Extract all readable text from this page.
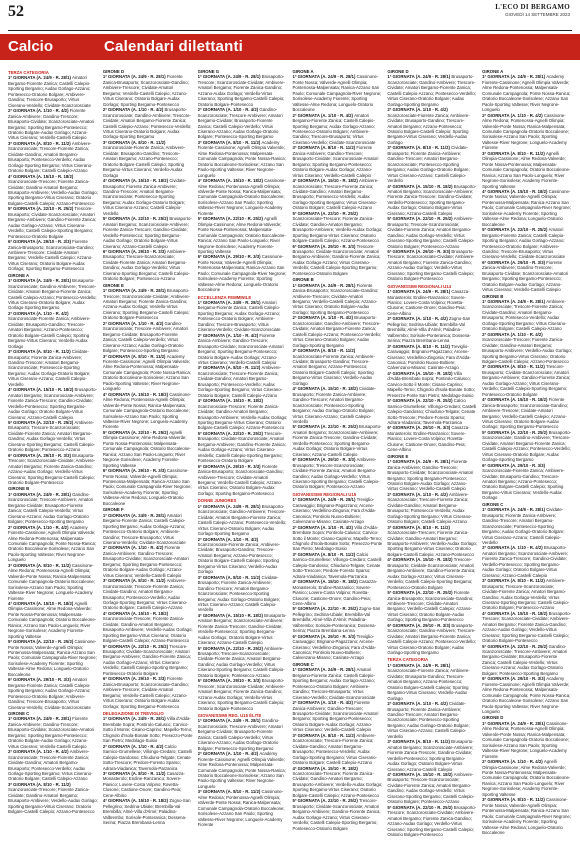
52	L'ECO DI BERGAMO
GIOVEDÌ 14 SETTEMBRE 2023
Calcio	Calendari dilettanti

TERZA CATEGORIA

1ª GIORNATA (A. 24/9 - R. 28/1) Amatori Bergamo-Fiorente Zanica; Castelli Calepio-Sporting Bergamo; Audax Gorlago-Azzano; Pontesecco-Oratorio Bolgare; Ambivere-Gandino; Trescore-Brusaporto; Virtus Ciserano-Verdello; Cividate-Scanzorosciate

2ª GIORNATA (A. 1/10 - R. 4/2) Fiorente Zanica-Ambivere; Gandino-Trescore; Brusaporto-Cividate; Scanzorosciate-Amatori Bergamo; Sporting Bergamo-Pontesecco; Oratorio Bolgare-Audax Gorlago; Azzano-Virtus Ciserano; Verdello-Castelli Calepio

3ª GIORNATA (A. 8/10 - R. 11/2) Ambivere-Scanzorosciate; Trescore-Fiorente Zanica; Cividate-Gandino; Amatori Bergamo-Brusaporto; Pontesecco-Verdello; Audax Gorlago-Sporting Bergamo; Virtus Ciserano-Oratorio Bolgare; Castelli Calepio-Azzano

4ª GIORNATA (A. 15/10 - R. 18/2) Scanzorosciate-Trescore; Fiorente Zanica-Cividate; Gandino-Amatori Bergamo; Brusaporto-Ambivere; Verdello-Audax Gorlago; Sporting Bergamo-Virtus Ciserano; Oratorio Bolgare-Castelli Calepio; Azzano-Pontesecco

5ª GIORNATA (A. 22/10 - R. 25/2) Trescore-Brusaporto; Cividate-Scanzorosciate; Amatori Bergamo-Ambivere; Gandino-Fiorente Zanica; Audax Gorlago-Azzano; Virtus Ciserano-Verdello; Castelli Calepio-Sporting Bergamo; Pontesecco-Oratorio Bolgare

6ª GIORNATA (A. 29/10 - R. 3/3) Fiorente Zanica-Brusaporto; Scanzorosciate-Gandino; Ambivere-Trescore; Cividate-Amatori Bergamo; Verdello-Castelli Calepio; Azzano-Virtus Ciserano; Oratorio Bolgare-Audax Gorlago; Sporting Bergamo-Pontesecco

GIRONE A

1ª GIORNATA (A. 24/9 - R. 28/1) Brusaporto-Scanzorosciate; Gandino-Ambivere; Trescore-Cividate; Amatori Bergamo-Fiorente Zanica; Castelli Calepio-Azzano; Pontesecco-Verdello; Virtus Ciserano-Oratorio Bolgare; Audax Gorlago-Sporting Bergamo

2ª GIORNATA (A. 1/10 - R. 4/2) Scanzorosciate-Fiorente Zanica; Ambivere-Cividate; Brusaporto-Gandino; Trescore-Amatori Bergamo; Azzano-Pontesecco; Oratorio Bolgare-Castelli Calepio; Sporting Bergamo-Virtus Ciserano; Verdello-Audax Gorlago

3ª GIORNATA (A. 8/10 - R. 11/2) Cividate-Brusaporto; Fiorente Zanica-Ambivere; Gandino-Trescore; Amatori Bergamo-Scanzorosciate; Pontesecco-Sporting Bergamo; Audax Gorlago-Oratorio Bolgare; Virtus Ciserano-Azzano; Castelli Calepio-Verdello

4ª GIORNATA (A. 15/10 - R. 18/2) Brusaporto-Amatori Bergamo; Scanzorosciate-Ambivere; Fiorente Zanica-Trescore; Gandino-Cividate; Verdello-Pontesecco; Sporting Bergamo-Audax Gorlago; Oratorio Bolgare-Virtus Ciserano; Azzano-Castelli Calepio

5ª GIORNATA (A. 22/10 - R. 25/2) Ambivere-Brusaporto; Trescore-Scanzorosciate; Cividate-Fiorente Zanica; Amatori Bergamo-Gandino; Audax Gorlago-Verdello; Virtus Ciserano-Sporting Bergamo; Castelli Calepio-Oratorio Bolgare; Pontesecco-Azzano

6ª GIORNATA (A. 29/10 - R. 3/3) Brusaporto-Trescore; Scanzorosciate-Cividate; Ambivere-Amatori Bergamo; Fiorente Zanica-Gandino; Azzano-Audax Gorlago; Verdello-Virtus Ciserano; Sporting Bergamo-Castelli Calepio; Oratorio Bolgare-Pontesecco

GIRONE B

1ª GIORNATA (A. 24/9 - R. 28/1) Gandino-Scanzorosciate; Trescore-Ambivere; Amatori Bergamo-Cividate; Brusaporto-Fiorente Zanica; Castelli Calepio-Verdello; Virtus Ciserano-Azzano; Audax Gorlago-Oratorio Bolgare; Pontesecco-Sporting Bergamo

2ª GIORNATA (A. 1/10 - R. 4/2) Academy Fiorente-Cassinone; Agnelli Olimpia Valverde; Alme Redona-Pontenossa; Malpensata-Comunale Campagnola; Ponte Nossa-Ranica; Oratorio Boccaleone-Sorisolese; Azzano San Paolo-Sporting Valtesse; River Negrone-Longuelo

3ª GIORNATA (A. 8/10 - R. 11/2) Cassinone-Alme Redona; Pontenossa-Agnelli Olimpia; Valverde-Ponte Nossa; Ranica-Malpensata; Comunale Campagnola-Oratorio Boccaleone; Sorisolese-Azzano San Paolo; Sporting Valtesse-River Negrone; Longuelo-Academy Fiorente

4ª GIORNATA (A. 15/10 - R. 18/2) Agnelli Olimpia-Cassinone; Alme Redona-Valverde; Ponte Nossa-Pontenossa; Malpensata-Comunale Campagnola; Oratorio Boccaleone-Ranica; Azzano San Paolo-Longuelo; River Negrone-Sorisolese; Academy Fiorente-Sporting Valtesse

5ª GIORNATA (A. 22/10 - R. 25/2) Cassinone-Ponte Nossa; Valverde-Agnelli Olimpia; Pontenossa-Malpensata; Ranica-Azzano San Paolo; Comunale Campagnola-River Negrone; Sorisolese-Academy Fiorente; Sporting Valtesse-Alme Redona; Longuelo-Oratorio Boccaleone

6ª GIORNATA (A. 29/10 - R. 3/3) Amatori Bergamo-Fiorente Zanica; Castelli Calepio-Sporting Bergamo; Audax Gorlago-Azzano; Pontesecco-Oratorio Bolgare; Ambivere-Gandino; Trescore-Brusaporto; Virtus Ciserano-Verdello; Cividate-Scanzorosciate

GIRONE C

1ª GIORNATA (A. 24/9 - R. 28/1) Fiorente Zanica-Ambivere; Gandino-Trescore; Brusaporto-Cividate; Scanzorosciate-Amatori Bergamo; Sporting Bergamo-Pontesecco; Oratorio Bolgare-Audax Gorlago; Azzano-Virtus Ciserano; Verdello-Castelli Calepio

2ª GIORNATA (A. 1/10 - R. 4/2) Ambivere-Scanzorosciate; Trescore-Fiorente Zanica; Cividate-Gandino; Amatori Bergamo-Brusaporto; Pontesecco-Verdello; Audax Gorlago-Sporting Bergamo; Virtus Ciserano-Oratorio Bolgare; Castelli Calepio-Azzano

3ª GIORNATA (A. 8/10 - R. 11/2) Scanzorosciate-Trescore; Fiorente Zanica-Cividate; Gandino-Amatori Bergamo; Brusaporto-Ambivere; Verdello-Audax Gorlago; Sporting Bergamo-Virtus Ciserano; Oratorio Bolgare-Castelli Calepio; Azzano-Pontesecco

GIRONE D

1ª GIORNATA (A. 24/9 - R. 28/1) Fiorente Zanica-Brusaporto; Scanzorosciate-Gandino; Ambivere-Trescore; Cividate-Amatori Bergamo; Verdello-Castelli Calepio; Azzano-Virtus Ciserano; Oratorio Bolgare-Audax Gorlago; Sporting Bergamo-Pontesecco

2ª GIORNATA (A. 1/10 - R. 4/2) Brusaporto-Scanzorosciate; Gandino-Ambivere; Trescore-Cividate; Amatori Bergamo-Fiorente Zanica; Castelli Calepio-Azzano; Pontesecco-Verdello; Virtus Ciserano-Oratorio Bolgare; Audax Gorlago-Sporting Bergamo

3ª GIORNATA (A. 8/10 - R. 11/2) Scanzorosciate-Fiorente Zanica; Ambivere-Cividate; Brusaporto-Gandino; Trescore-Amatori Bergamo; Azzano-Pontesecco; Oratorio Bolgare-Castelli Calepio; Sporting Bergamo-Virtus Ciserano; Verdello-Audax Gorlago

4ª GIORNATA (A. 15/10 - R. 18/2) Cividate-Brusaporto; Fiorente Zanica-Ambivere; Gandino-Trescore; Amatori Bergamo-Scanzorosciate; Pontesecco-Sporting Bergamo; Audax Gorlago-Oratorio Bolgare; Virtus Ciserano-Azzano; Castelli Calepio-Verdello

5ª GIORNATA (A. 22/10 - R. 25/2) Brusaporto-Amatori Bergamo; Scanzorosciate-Ambivere; Fiorente Zanica-Trescore; Gandino-Cividate; Verdello-Pontesecco; Sporting Bergamo-Audax Gorlago; Oratorio Bolgare-Virtus Ciserano; Azzano-Castelli Calepio

6ª GIORNATA (A. 29/10 - R. 3/3) Ambivere-Brusaporto; Trescore-Scanzorosciate; Cividate-Fiorente Zanica; Amatori Bergamo-Gandino; Audax Gorlago-Verdello; Virtus Ciserano-Sporting Bergamo; Castelli Calepio-Oratorio Bolgare; Pontesecco-Azzano

GIRONE E

1ª GIORNATA (A. 24/9 - R. 28/1) Brusaporto-Trescore; Scanzorosciate-Cividate; Ambivere-Amatori Bergamo; Fiorente Zanica-Gandino; Azzano-Audax Gorlago; Verdello-Virtus Ciserano; Sporting Bergamo-Castelli Calepio; Oratorio Bolgare-Pontesecco

2ª GIORNATA (A. 1/10 - R. 4/2) Gandino-Scanzorosciate; Trescore-Ambivere; Amatori Bergamo-Cividate; Brusaporto-Fiorente Zanica; Castelli Calepio-Verdello; Virtus Ciserano-Azzano; Audax Gorlago-Oratorio Bolgare; Pontesecco-Sporting Bergamo

3ª GIORNATA (A. 8/10 - R. 11/2) Academy Fiorente-Cassinone; Agnelli Olimpia Valverde; Alme Redona-Pontenossa; Malpensata-Comunale Campagnola; Ponte Nossa-Ranica; Oratorio Boccaleone-Sorisolese; Azzano San Paolo-Sporting Valtesse; River Negrone-Longuelo

4ª GIORNATA (A. 15/10 - R. 18/2) Cassinone-Alme Redona; Pontenossa-Agnelli Olimpia; Valverde-Ponte Nossa; Ranica-Malpensata; Comunale Campagnola-Oratorio Boccaleone; Sorisolese-Azzano San Paolo; Sporting Valtesse-River Negrone; Longuelo-Academy Fiorente

5ª GIORNATA (A. 22/10 - R. 25/2) Agnelli Olimpia-Cassinone; Alme Redona-Valverde; Ponte Nossa-Pontenossa; Malpensata-Comunale Campagnola; Oratorio Boccaleone-Ranica; Azzano San Paolo-Longuelo; River Negrone-Sorisolese; Academy Fiorente-Sporting Valtesse

6ª GIORNATA (A. 29/10 - R. 3/3) Cassinone-Ponte Nossa; Valverde-Agnelli Olimpia; Pontenossa-Malpensata; Ranica-Azzano San Paolo; Comunale Campagnola-River Negrone; Sorisolese-Academy Fiorente; Sporting Valtesse-Alme Redona; Longuelo-Oratorio Boccaleone

GIRONE F

1ª GIORNATA (A. 24/9 - R. 28/1) Amatori Bergamo-Fiorente Zanica; Castelli Calepio-Sporting Bergamo; Audax Gorlago-Azzano; Pontesecco-Oratorio Bolgare; Ambivere-Gandino; Trescore-Brusaporto; Virtus Ciserano-Verdello; Cividate-Scanzorosciate

2ª GIORNATA (A. 1/10 - R. 4/2) Fiorente Zanica-Ambivere; Gandino-Trescore; Brusaporto-Cividate; Scanzorosciate-Amatori Bergamo; Sporting Bergamo-Pontesecco; Oratorio Bolgare-Audax Gorlago; Azzano-Virtus Ciserano; Verdello-Castelli Calepio

3ª GIORNATA (A. 8/10 - R. 11/2) Ambivere-Scanzorosciate; Trescore-Fiorente Zanica; Cividate-Gandino; Amatori Bergamo-Brusaporto; Pontesecco-Verdello; Audax Gorlago-Sporting Bergamo; Virtus Ciserano-Oratorio Bolgare; Castelli Calepio-Azzano

4ª GIORNATA (A. 15/10 - R. 18/2) Scanzorosciate-Trescore; Fiorente Zanica-Cividate; Gandino-Amatori Bergamo; Brusaporto-Ambivere; Verdello-Audax Gorlago; Sporting Bergamo-Virtus Ciserano; Oratorio Bolgare-Castelli Calepio; Azzano-Pontesecco

5ª GIORNATA (A. 22/10 - R. 25/2) Trescore-Brusaporto; Cividate-Scanzorosciate; Amatori Bergamo-Ambivere; Gandino-Fiorente Zanica; Audax Gorlago-Azzano; Virtus Ciserano-Verdello; Castelli Calepio-Sporting Bergamo; Pontesecco-Oratorio Bolgare

6ª GIORNATA (A. 29/10 - R. 3/3) Fiorente Zanica-Brusaporto; Scanzorosciate-Gandino; Ambivere-Trescore; Cividate-Amatori Bergamo; Verdello-Castelli Calepio; Azzano-Virtus Ciserano; Oratorio Bolgare-Audax Gorlago; Sporting Bergamo-Pontesecco

DELEGAZIONE DI TREVIGLIO

1ª GIORNATA (A. 24/9 - R. 28/1) Villa d'Adda-Brembate Sopra; Pontirolo-Calusco; Carvico-Sotto il Monte; Cisano-Caprino; Mapello-Terno; Chignolo d'Isola-Bonate Sotto; Presezzo-Ponte San Pietro; Medolago-Suisio

2ª GIORNATA (A. 1/10 - R. 4/2) Calcio Sarnico-Grumellese; Villongo-Credaro; Castelli Calepio-Gandosso; Chiuduno-Telgate; Cenate Sotto-Trescore; Predore-Foresto Sparso; Adrara-Viadanica; Tavernola-Parzanica

3ª GIORNATA (A. 8/10 - R. 11/2) Casazza-Monasterolo; Endine-Ranzanico; Sovere-Pianico; Lovere-Costa Volpino; Rovetta-Clusone; Castione-Onore; Gandino-Peia; Cene-Albino

4ª GIORNATA (A. 15/10 - R. 18/2) Zogno-San Pellegrino; Sedrina-Ubiale; Brembilla-Val Brembilla; Almè-Villa d'Almè; Paladina-Valbrembo; Sorisole-Ponteranica; Dossena-Serina; Piazza Brembana-Lenna

GIRONE G

1ª GIORNATA (A. 24/9 - R. 28/1) Brusaporto-Trescore; Scanzorosciate-Cividate; Ambivere-Amatori Bergamo; Fiorente Zanica-Gandino; Azzano-Audax Gorlago; Verdello-Virtus Ciserano; Sporting Bergamo-Castelli Calepio; Oratorio Bolgare-Pontesecco

2ª GIORNATA (A. 1/10 - R. 4/2) Gandino-Scanzorosciate; Trescore-Ambivere; Amatori Bergamo-Cividate; Brusaporto-Fiorente Zanica; Castelli Calepio-Verdello; Virtus Ciserano-Azzano; Audax Gorlago-Oratorio Bolgare; Pontesecco-Sporting Bergamo

3ª GIORNATA (A. 8/10 - R. 11/2) Academy Fiorente-Cassinone; Agnelli Olimpia Valverde; Alme Redona-Pontenossa; Malpensata-Comunale Campagnola; Ponte Nossa-Ranica; Oratorio Boccaleone-Sorisolese; Azzano San Paolo-Sporting Valtesse; River Negrone-Longuelo

4ª GIORNATA (A. 15/10 - R. 18/2) Cassinone-Alme Redona; Pontenossa-Agnelli Olimpia; Valverde-Ponte Nossa; Ranica-Malpensata; Comunale Campagnola-Oratorio Boccaleone; Sorisolese-Azzano San Paolo; Sporting Valtesse-River Negrone; Longuelo-Academy Fiorente

5ª GIORNATA (A. 22/10 - R. 25/2) Agnelli Olimpia-Cassinone; Alme Redona-Valverde; Ponte Nossa-Pontenossa; Malpensata-Comunale Campagnola; Oratorio Boccaleone-Ranica; Azzano San Paolo-Longuelo; River Negrone-Sorisolese; Academy Fiorente-Sporting Valtesse

6ª GIORNATA (A. 29/10 - R. 3/3) Cassinone-Ponte Nossa; Valverde-Agnelli Olimpia; Pontenossa-Malpensata; Ranica-Azzano San Paolo; Comunale Campagnola-River Negrone; Sorisolese-Academy Fiorente; Sporting Valtesse-Alme Redona; Longuelo-Oratorio Boccaleone

ECCELLENZA FEMMINILE

1ª GIORNATA (A. 24/9 - R. 28/1) Amatori Bergamo-Fiorente Zanica; Castelli Calepio-Sporting Bergamo; Audax Gorlago-Azzano; Pontesecco-Oratorio Bolgare; Ambivere-Gandino; Trescore-Brusaporto; Virtus Ciserano-Verdello; Cividate-Scanzorosciate

2ª GIORNATA (A. 1/10 - R. 4/2) Fiorente Zanica-Ambivere; Gandino-Trescore; Brusaporto-Cividate; Scanzorosciate-Amatori Bergamo; Sporting Bergamo-Pontesecco; Oratorio Bolgare-Audax Gorlago; Azzano-Virtus Ciserano; Verdello-Castelli Calepio

3ª GIORNATA (A. 8/10 - R. 11/2) Ambivere-Scanzorosciate; Trescore-Fiorente Zanica; Cividate-Gandino; Amatori Bergamo-Brusaporto; Pontesecco-Verdello; Audax Gorlago-Sporting Bergamo; Virtus Ciserano-Oratorio Bolgare; Castelli Calepio-Azzano

4ª GIORNATA (A. 15/10 - R. 18/2) Scanzorosciate-Trescore; Fiorente Zanica-Cividate; Gandino-Amatori Bergamo; Brusaporto-Ambivere; Verdello-Audax Gorlago; Sporting Bergamo-Virtus Ciserano; Oratorio Bolgare-Castelli Calepio; Azzano-Pontesecco

5ª GIORNATA (A. 22/10 - R. 25/2) Trescore-Brusaporto; Cividate-Scanzorosciate; Amatori Bergamo-Ambivere; Gandino-Fiorente Zanica; Audax Gorlago-Azzano; Virtus Ciserano-Verdello; Castelli Calepio-Sporting Bergamo; Pontesecco-Oratorio Bolgare

6ª GIORNATA (A. 29/10 - R. 3/3) Fiorente Zanica-Brusaporto; Scanzorosciate-Gandino; Ambivere-Trescore; Cividate-Amatori Bergamo; Verdello-Castelli Calepio; Azzano-Virtus Ciserano; Oratorio Bolgare-Audax Gorlago; Sporting Bergamo-Pontesecco

DONNE JUNIORES

1ª GIORNATA (A. 24/9 - R. 28/1) Brusaporto-Scanzorosciate; Gandino-Ambivere; Trescore-Cividate; Amatori Bergamo-Fiorente Zanica; Castelli Calepio-Azzano; Pontesecco-Verdello; Virtus Ciserano-Oratorio Bolgare; Audax Gorlago-Sporting Bergamo

2ª GIORNATA (A. 1/10 - R. 4/2) Scanzorosciate-Fiorente Zanica; Ambivere-Cividate; Brusaporto-Gandino; Trescore-Amatori Bergamo; Azzano-Pontesecco; Oratorio Bolgare-Castelli Calepio; Sporting Bergamo-Virtus Ciserano; Verdello-Audax Gorlago

3ª GIORNATA (A. 8/10 - R. 11/2) Cividate-Brusaporto; Fiorente Zanica-Ambivere; Gandino-Trescore; Amatori Bergamo-Scanzorosciate; Pontesecco-Sporting Bergamo; Audax Gorlago-Oratorio Bolgare; Virtus Ciserano-Azzano; Castelli Calepio-Verdello

4ª GIORNATA (A. 15/10 - R. 18/2) Brusaporto-Amatori Bergamo; Scanzorosciate-Ambivere; Fiorente Zanica-Trescore; Gandino-Cividate; Verdello-Pontesecco; Sporting Bergamo-Audax Gorlago; Oratorio Bolgare-Virtus Ciserano; Azzano-Castelli Calepio

5ª GIORNATA (A. 22/10 - R. 25/2) Ambivere-Brusaporto; Trescore-Scanzorosciate; Cividate-Fiorente Zanica; Amatori Bergamo-Gandino; Audax Gorlago-Verdello; Virtus Ciserano-Sporting Bergamo; Castelli Calepio-Oratorio Bolgare; Pontesecco-Azzano

6ª GIORNATA (A. 29/10 - R. 3/3) Brusaporto-Trescore; Scanzorosciate-Cividate; Ambivere-Amatori Bergamo; Fiorente Zanica-Gandino; Azzano-Audax Gorlago; Verdello-Virtus Ciserano; Sporting Bergamo-Castelli Calepio; Oratorio Bolgare-Pontesecco

GIOVANISSIMI REG. U15 ÉLITE

1ª GIORNATA (A. 24/9 - R. 28/1) Gandino-Scanzorosciate; Trescore-Ambivere; Amatori Bergamo-Cividate; Brusaporto-Fiorente Zanica; Castelli Calepio-Verdello; Virtus Ciserano-Azzano; Audax Gorlago-Oratorio Bolgare; Pontesecco-Sporting Bergamo

2ª GIORNATA (A. 1/10 - R. 4/2) Academy Fiorente-Cassinone; Agnelli Olimpia Valverde; Alme Redona-Pontenossa; Malpensata-Comunale Campagnola; Ponte Nossa-Ranica; Oratorio Boccaleone-Sorisolese; Azzano San Paolo-Sporting Valtesse; River Negrone-Longuelo

3ª GIORNATA (A. 8/10 - R. 11/2) Cassinone-Alme Redona; Pontenossa-Agnelli Olimpia; Valverde-Ponte Nossa; Ranica-Malpensata; Comunale Campagnola-Oratorio Boccaleone; Sorisolese-Azzano San Paolo; Sporting Valtesse-River Negrone; Longuelo-Academy Fiorente

GIRONE A

1ª GIORNATA (A. 24/9 - R. 28/1) Cassinone-Ponte Nossa; Valverde-Agnelli Olimpia; Pontenossa-Malpensata; Ranica-Azzano San Paolo; Comunale Campagnola-River Negrone; Sorisolese-Academy Fiorente; Sporting Valtesse-Alme Redona; Longuelo-Oratorio Boccaleone

2ª GIORNATA (A. 1/10 - R. 4/2) Amatori Bergamo-Fiorente Zanica; Castelli Calepio-Sporting Bergamo; Audax Gorlago-Azzano; Pontesecco-Oratorio Bolgare; Ambivere-Gandino; Trescore-Brusaporto; Virtus Ciserano-Verdello; Cividate-Scanzorosciate

3ª GIORNATA (A. 8/10 - R. 11/2) Fiorente Zanica-Ambivere; Gandino-Trescore; Brusaporto-Cividate; Scanzorosciate-Amatori Bergamo; Sporting Bergamo-Pontesecco; Oratorio Bolgare-Audax Gorlago; Azzano-Virtus Ciserano; Verdello-Castelli Calepio

4ª GIORNATA (A. 15/10 - R. 18/2) Ambivere-Scanzorosciate; Trescore-Fiorente Zanica; Cividate-Gandino; Amatori Bergamo-Brusaporto; Pontesecco-Verdello; Audax Gorlago-Sporting Bergamo; Virtus Ciserano-Oratorio Bolgare; Castelli Calepio-Azzano

5ª GIORNATA (A. 22/10 - R. 25/2) Scanzorosciate-Trescore; Fiorente Zanica-Cividate; Gandino-Amatori Bergamo; Brusaporto-Ambivere; Verdello-Audax Gorlago; Sporting Bergamo-Virtus Ciserano; Oratorio Bolgare-Castelli Calepio; Azzano-Pontesecco

6ª GIORNATA (A. 29/10 - R. 3/3) Trescore-Brusaporto; Cividate-Scanzorosciate; Amatori Bergamo-Ambivere; Gandino-Fiorente Zanica; Audax Gorlago-Azzano; Virtus Ciserano-Verdello; Castelli Calepio-Sporting Bergamo; Pontesecco-Oratorio Bolgare

GIRONE B

1ª GIORNATA (A. 24/9 - R. 28/1) Fiorente Zanica-Brusaporto; Scanzorosciate-Gandino; Ambivere-Trescore; Cividate-Amatori Bergamo; Verdello-Castelli Calepio; Azzano-Virtus Ciserano; Oratorio Bolgare-Audax Gorlago; Sporting Bergamo-Pontesecco

2ª GIORNATA (A. 1/10 - R. 4/2) Brusaporto-Scanzorosciate; Gandino-Ambivere; Trescore-Cividate; Amatori Bergamo-Fiorente Zanica; Castelli Calepio-Azzano; Pontesecco-Verdello; Virtus Ciserano-Oratorio Bolgare; Audax Gorlago-Sporting Bergamo

3ª GIORNATA (A. 8/10 - R. 11/2) Scanzorosciate-Fiorente Zanica; Ambivere-Cividate; Brusaporto-Gandino; Trescore-Amatori Bergamo; Azzano-Pontesecco; Oratorio Bolgare-Castelli Calepio; Sporting Bergamo-Virtus Ciserano; Verdello-Audax Gorlago

4ª GIORNATA (A. 15/10 - R. 18/2) Cividate-Brusaporto; Fiorente Zanica-Ambivere; Gandino-Trescore; Amatori Bergamo-Scanzorosciate; Pontesecco-Sporting Bergamo; Audax Gorlago-Oratorio Bolgare; Virtus Ciserano-Azzano; Castelli Calepio-Verdello

5ª GIORNATA (A. 22/10 - R. 25/2) Brusaporto-Amatori Bergamo; Scanzorosciate-Ambivere; Fiorente Zanica-Trescore; Gandino-Cividate; Verdello-Pontesecco; Sporting Bergamo-Audax Gorlago; Oratorio Bolgare-Virtus Ciserano; Azzano-Castelli Calepio

6ª GIORNATA (A. 29/10 - R. 3/3) Ambivere-Brusaporto; Trescore-Scanzorosciate; Cividate-Fiorente Zanica; Amatori Bergamo-Gandino; Audax Gorlago-Verdello; Virtus Ciserano-Sporting Bergamo; Castelli Calepio-Oratorio Bolgare; Pontesecco-Azzano

GIOVANISSIMI REGIONALI U15

1ª GIORNATA (A. 24/9 - R. 28/1) Treviglio-Caravaggio; Brignano-Pagazzano; Arcene-Ciserano; Verdellino-Zingonia; Fara d'Adda-Canonica; Pontirolo Nuovo-Boltiere; Calvenzano-Misano; Casirate-Arzago

2ª GIORNATA (A. 1/10 - R. 4/2) Villa d'Adda-Brembate Sopra; Pontirolo-Calusco; Carvico-Sotto il Monte; Cisano-Caprino; Mapello-Terno; Chignolo d'Isola-Bonate Sotto; Presezzo-Ponte San Pietro; Medolago-Suisio

3ª GIORNATA (A. 8/10 - R. 11/2) Calcio Sarnico-Grumellese; Villongo-Credaro; Castelli Calepio-Gandosso; Chiuduno-Telgate; Cenate Sotto-Trescore; Predore-Foresto Sparso; Adrara-Viadanica; Tavernola-Parzanica

4ª GIORNATA (A. 15/10 - R. 18/2) Casazza-Monasterolo; Endine-Ranzanico; Sovere-Pianico; Lovere-Costa Volpino; Rovetta-Clusone; Castione-Onore; Gandino-Peia; Cene-Albino

5ª GIORNATA (A. 22/10 - R. 25/2) Zogno-San Pellegrino; Sedrina-Ubiale; Brembilla-Val Brembilla; Almè-Villa d'Almè; Paladina-Valbrembo; Sorisole-Ponteranica; Dossena-Serina; Piazza Brembana-Lenna

6ª GIORNATA (A. 29/10 - R. 3/3) Treviglio-Caravaggio; Brignano-Pagazzano; Arcene-Ciserano; Verdellino-Zingonia; Fara d'Adda-Canonica; Pontirolo Nuovo-Boltiere; Calvenzano-Misano; Casirate-Arzago

GIRONE C

1ª GIORNATA (A. 24/9 - R. 28/1) Amatori Bergamo-Fiorente Zanica; Castelli Calepio-Sporting Bergamo; Audax Gorlago-Azzano; Pontesecco-Oratorio Bolgare; Ambivere-Gandino; Trescore-Brusaporto; Virtus Ciserano-Verdello; Cividate-Scanzorosciate

2ª GIORNATA (A. 1/10 - R. 4/2) Fiorente Zanica-Ambivere; Gandino-Trescore; Brusaporto-Cividate; Scanzorosciate-Amatori Bergamo; Sporting Bergamo-Pontesecco; Oratorio Bolgare-Audax Gorlago; Azzano-Virtus Ciserano; Verdello-Castelli Calepio

3ª GIORNATA (A. 8/10 - R. 11/2) Ambivere-Scanzorosciate; Trescore-Fiorente Zanica; Cividate-Gandino; Amatori Bergamo-Brusaporto; Pontesecco-Verdello; Audax Gorlago-Sporting Bergamo; Virtus Ciserano-Oratorio Bolgare; Castelli Calepio-Azzano

4ª GIORNATA (A. 15/10 - R. 18/2) Scanzorosciate-Trescore; Fiorente Zanica-Cividate; Gandino-Amatori Bergamo; Brusaporto-Ambivere; Verdello-Audax Gorlago; Sporting Bergamo-Virtus Ciserano; Oratorio Bolgare-Castelli Calepio; Azzano-Pontesecco

5ª GIORNATA (A. 22/10 - R. 25/2) Trescore-Brusaporto; Cividate-Scanzorosciate; Amatori Bergamo-Ambivere; Gandino-Fiorente Zanica; Audax Gorlago-Azzano; Virtus Ciserano-Verdello; Castelli Calepio-Sporting Bergamo; Pontesecco-Oratorio Bolgare

GIRONE D

1ª GIORNATA (A. 24/9 - R. 28/1) Brusaporto-Scanzorosciate; Gandino-Ambivere; Trescore-Cividate; Amatori Bergamo-Fiorente Zanica; Castelli Calepio-Azzano; Pontesecco-Verdello; Virtus Ciserano-Oratorio Bolgare; Audax Gorlago-Sporting Bergamo

2ª GIORNATA (A. 1/10 - R. 4/2) Scanzorosciate-Fiorente Zanica; Ambivere-Cividate; Brusaporto-Gandino; Trescore-Amatori Bergamo; Azzano-Pontesecco; Oratorio Bolgare-Castelli Calepio; Sporting Bergamo-Virtus Ciserano; Verdello-Audax Gorlago

3ª GIORNATA (A. 8/10 - R. 11/2) Cividate-Brusaporto; Fiorente Zanica-Ambivere; Gandino-Trescore; Amatori Bergamo-Scanzorosciate; Pontesecco-Sporting Bergamo; Audax Gorlago-Oratorio Bolgare; Virtus Ciserano-Azzano; Castelli Calepio-Verdello

4ª GIORNATA (A. 15/10 - R. 18/2) Brusaporto-Amatori Bergamo; Scanzorosciate-Ambivere; Fiorente Zanica-Trescore; Gandino-Cividate; Verdello-Pontesecco; Sporting Bergamo-Audax Gorlago; Oratorio Bolgare-Virtus Ciserano; Azzano-Castelli Calepio

5ª GIORNATA (A. 22/10 - R. 25/2) Ambivere-Brusaporto; Trescore-Scanzorosciate; Cividate-Fiorente Zanica; Amatori Bergamo-Gandino; Audax Gorlago-Verdello; Virtus Ciserano-Sporting Bergamo; Castelli Calepio-Oratorio Bolgare; Pontesecco-Azzano

6ª GIORNATA (A. 29/10 - R. 3/3) Brusaporto-Trescore; Scanzorosciate-Cividate; Ambivere-Amatori Bergamo; Fiorente Zanica-Gandino; Azzano-Audax Gorlago; Verdello-Virtus Ciserano; Sporting Bergamo-Castelli Calepio; Oratorio Bolgare-Pontesecco

GIOVANISSIMI REGIONALI U14

1ª GIORNATA (A. 24/9 - R. 28/1) Casazza-Monasterolo; Endine-Ranzanico; Sovere-Pianico; Lovere-Costa Volpino; Rovetta-Clusone; Castione-Onore; Gandino-Peia; Cene-Albino

2ª GIORNATA (A. 1/10 - R. 4/2) Zogno-San Pellegrino; Sedrina-Ubiale; Brembilla-Val Brembilla; Almè-Villa d'Almè; Paladina-Valbrembo; Sorisole-Ponteranica; Dossena-Serina; Piazza Brembana-Lenna

3ª GIORNATA (A. 8/10 - R. 11/2) Treviglio-Caravaggio; Brignano-Pagazzano; Arcene-Ciserano; Verdellino-Zingonia; Fara d'Adda-Canonica; Pontirolo Nuovo-Boltiere; Calvenzano-Misano; Casirate-Arzago

4ª GIORNATA (A. 15/10 - R. 18/2) Villa d'Adda-Brembate Sopra; Pontirolo-Calusco; Carvico-Sotto il Monte; Cisano-Caprino; Mapello-Terno; Chignolo d'Isola-Bonate Sotto; Presezzo-Ponte San Pietro; Medolago-Suisio

5ª GIORNATA (A. 22/10 - R. 25/2) Calcio Sarnico-Grumellese; Villongo-Credaro; Castelli Calepio-Gandosso; Chiuduno-Telgate; Cenate Sotto-Trescore; Predore-Foresto Sparso; Adrara-Viadanica; Tavernola-Parzanica

6ª GIORNATA (A. 29/10 - R. 3/3) Casazza-Monasterolo; Endine-Ranzanico; Sovere-Pianico; Lovere-Costa Volpino; Rovetta-Clusone; Castione-Onore; Gandino-Peia; Cene-Albino

GIRONE E

1ª GIORNATA (A. 24/9 - R. 28/1) Fiorente Zanica-Ambivere; Gandino-Trescore; Brusaporto-Cividate; Scanzorosciate-Amatori Bergamo; Sporting Bergamo-Pontesecco; Oratorio Bolgare-Audax Gorlago; Azzano-Virtus Ciserano; Verdello-Castelli Calepio

2ª GIORNATA (A. 1/10 - R. 4/2) Ambivere-Scanzorosciate; Trescore-Fiorente Zanica; Cividate-Gandino; Amatori Bergamo-Brusaporto; Pontesecco-Verdello; Audax Gorlago-Sporting Bergamo; Virtus Ciserano-Oratorio Bolgare; Castelli Calepio-Azzano

3ª GIORNATA (A. 8/10 - R. 11/2) Scanzorosciate-Trescore; Fiorente Zanica-Cividate; Gandino-Amatori Bergamo; Brusaporto-Ambivere; Verdello-Audax Gorlago; Sporting Bergamo-Virtus Ciserano; Oratorio Bolgare-Castelli Calepio; Azzano-Pontesecco

4ª GIORNATA (A. 15/10 - R. 18/2) Trescore-Brusaporto; Cividate-Scanzorosciate; Amatori Bergamo-Ambivere; Gandino-Fiorente Zanica; Audax Gorlago-Azzano; Virtus Ciserano-Verdello; Castelli Calepio-Sporting Bergamo; Pontesecco-Oratorio Bolgare

5ª GIORNATA (A. 22/10 - R. 25/2) Fiorente Zanica-Brusaporto; Scanzorosciate-Gandino; Ambivere-Trescore; Cividate-Amatori Bergamo; Verdello-Castelli Calepio; Azzano-Virtus Ciserano; Oratorio Bolgare-Audax Gorlago; Sporting Bergamo-Pontesecco

6ª GIORNATA (A. 29/10 - R. 3/3) Brusaporto-Scanzorosciate; Gandino-Ambivere; Trescore-Cividate; Amatori Bergamo-Fiorente Zanica; Castelli Calepio-Azzano; Pontesecco-Verdello; Virtus Ciserano-Oratorio Bolgare; Audax Gorlago-Sporting Bergamo

TERZA CATEGORIA

1ª GIORNATA (A. 24/9 - R. 28/1) Scanzorosciate-Fiorente Zanica; Ambivere-Cividate; Brusaporto-Gandino; Trescore-Amatori Bergamo; Azzano-Pontesecco; Oratorio Bolgare-Castelli Calepio; Sporting Bergamo-Virtus Ciserano; Verdello-Audax Gorlago

2ª GIORNATA (A. 1/10 - R. 4/2) Cividate-Brusaporto; Fiorente Zanica-Ambivere; Gandino-Trescore; Amatori Bergamo-Scanzorosciate; Pontesecco-Sporting Bergamo; Audax Gorlago-Oratorio Bolgare; Virtus Ciserano-Azzano; Castelli Calepio-Verdello

3ª GIORNATA (A. 8/10 - R. 11/2) Brusaporto-Amatori Bergamo; Scanzorosciate-Ambivere; Fiorente Zanica-Trescore; Gandino-Cividate; Verdello-Pontesecco; Sporting Bergamo-Audax Gorlago; Oratorio Bolgare-Virtus Ciserano; Azzano-Castelli Calepio

4ª GIORNATA (A. 15/10 - R. 18/2) Ambivere-Brusaporto; Trescore-Scanzorosciate; Cividate-Fiorente Zanica; Amatori Bergamo-Gandino; Audax Gorlago-Verdello; Virtus Ciserano-Sporting Bergamo; Castelli Calepio-Oratorio Bolgare; Pontesecco-Azzano

5ª GIORNATA (A. 22/10 - R. 25/2) Brusaporto-Trescore; Scanzorosciate-Cividate; Ambivere-Amatori Bergamo; Fiorente Zanica-Gandino; Azzano-Audax Gorlago; Verdello-Virtus Ciserano; Sporting Bergamo-Castelli Calepio; Oratorio Bolgare-Pontesecco

GIRONE A

1ª GIORNATA (A. 24/9 - R. 28/1) Academy Fiorente-Cassinone; Agnelli Olimpia Valverde; Alme Redona-Pontenossa; Malpensata-Comunale Campagnola; Ponte Nossa-Ranica; Oratorio Boccaleone-Sorisolese; Azzano San Paolo-Sporting Valtesse; River Negrone-Longuelo

2ª GIORNATA (A. 1/10 - R. 4/2) Cassinone-Alme Redona; Pontenossa-Agnelli Olimpia; Valverde-Ponte Nossa; Ranica-Malpensata; Comunale Campagnola-Oratorio Boccaleone; Sorisolese-Azzano San Paolo; Sporting Valtesse-River Negrone; Longuelo-Academy Fiorente

3ª GIORNATA (A. 8/10 - R. 11/2) Agnelli Olimpia-Cassinone; Alme Redona-Valverde; Ponte Nossa-Pontenossa; Malpensata-Comunale Campagnola; Oratorio Boccaleone-Ranica; Azzano San Paolo-Longuelo; River Negrone-Sorisolese; Academy Fiorente-Sporting Valtesse

4ª GIORNATA (A. 15/10 - R. 18/2) Cassinone-Ponte Nossa; Valverde-Agnelli Olimpia; Pontenossa-Malpensata; Ranica-Azzano San Paolo; Comunale Campagnola-River Negrone; Sorisolese-Academy Fiorente; Sporting Valtesse-Alme Redona; Longuelo-Oratorio Boccaleone

5ª GIORNATA (A. 22/10 - R. 25/2) Amatori Bergamo-Fiorente Zanica; Castelli Calepio-Sporting Bergamo; Audax Gorlago-Azzano; Pontesecco-Oratorio Bolgare; Ambivere-Gandino; Trescore-Brusaporto; Virtus Ciserano-Verdello; Cividate-Scanzorosciate

6ª GIORNATA (A. 29/10 - R. 3/3) Fiorente Zanica-Ambivere; Gandino-Trescore; Brusaporto-Cividate; Scanzorosciate-Amatori Bergamo; Sporting Bergamo-Pontesecco; Oratorio Bolgare-Audax Gorlago; Azzano-Virtus Ciserano; Verdello-Castelli Calepio

GIRONE B

1ª GIORNATA (A. 24/9 - R. 28/1) Ambivere-Scanzorosciate; Trescore-Fiorente Zanica; Cividate-Gandino; Amatori Bergamo-Brusaporto; Pontesecco-Verdello; Audax Gorlago-Sporting Bergamo; Virtus Ciserano-Oratorio Bolgare; Castelli Calepio-Azzano

2ª GIORNATA (A. 1/10 - R. 4/2) Scanzorosciate-Trescore; Fiorente Zanica-Cividate; Gandino-Amatori Bergamo; Brusaporto-Ambivere; Verdello-Audax Gorlago; Sporting Bergamo-Virtus Ciserano; Oratorio Bolgare-Castelli Calepio; Azzano-Pontesecco

3ª GIORNATA (A. 8/10 - R. 11/2) Trescore-Brusaporto; Cividate-Scanzorosciate; Amatori Bergamo-Ambivere; Gandino-Fiorente Zanica; Audax Gorlago-Azzano; Virtus Ciserano-Verdello; Castelli Calepio-Sporting Bergamo; Pontesecco-Oratorio Bolgare

4ª GIORNATA (A. 15/10 - R. 18/2) Fiorente Zanica-Brusaporto; Scanzorosciate-Gandino; Ambivere-Trescore; Cividate-Amatori Bergamo; Verdello-Castelli Calepio; Azzano-Virtus Ciserano; Oratorio Bolgare-Audax Gorlago; Sporting Bergamo-Pontesecco

5ª GIORNATA (A. 22/10 - R. 25/2) Brusaporto-Scanzorosciate; Gandino-Ambivere; Trescore-Cividate; Amatori Bergamo-Fiorente Zanica; Castelli Calepio-Azzano; Pontesecco-Verdello; Virtus Ciserano-Oratorio Bolgare; Audax Gorlago-Sporting Bergamo

6ª GIORNATA (A. 29/10 - R. 3/3) Scanzorosciate-Fiorente Zanica; Ambivere-Cividate; Brusaporto-Gandino; Trescore-Amatori Bergamo; Azzano-Pontesecco; Oratorio Bolgare-Castelli Calepio; Sporting Bergamo-Virtus Ciserano; Verdello-Audax Gorlago

GIRONE C

1ª GIORNATA (A. 24/9 - R. 28/1) Cividate-Brusaporto; Fiorente Zanica-Ambivere; Gandino-Trescore; Amatori Bergamo-Scanzorosciate; Pontesecco-Sporting Bergamo; Audax Gorlago-Oratorio Bolgare; Virtus Ciserano-Azzano; Castelli Calepio-Verdello

2ª GIORNATA (A. 1/10 - R. 4/2) Brusaporto-Amatori Bergamo; Scanzorosciate-Ambivere; Fiorente Zanica-Trescore; Gandino-Cividate; Verdello-Pontesecco; Sporting Bergamo-Audax Gorlago; Oratorio Bolgare-Virtus Ciserano; Azzano-Castelli Calepio

3ª GIORNATA (A. 8/10 - R. 11/2) Ambivere-Brusaporto; Trescore-Scanzorosciate; Cividate-Fiorente Zanica; Amatori Bergamo-Gandino; Audax Gorlago-Verdello; Virtus Ciserano-Sporting Bergamo; Castelli Calepio-Oratorio Bolgare; Pontesecco-Azzano

4ª GIORNATA (A. 15/10 - R. 18/2) Brusaporto-Trescore; Scanzorosciate-Cividate; Ambivere-Amatori Bergamo; Fiorente Zanica-Gandino; Azzano-Audax Gorlago; Verdello-Virtus Ciserano; Sporting Bergamo-Castelli Calepio; Oratorio Bolgare-Pontesecco

5ª GIORNATA (A. 22/10 - R. 25/2) Gandino-Scanzorosciate; Trescore-Ambivere; Amatori Bergamo-Cividate; Brusaporto-Fiorente Zanica; Castelli Calepio-Verdello; Virtus Ciserano-Azzano; Audax Gorlago-Oratorio Bolgare; Pontesecco-Sporting Bergamo

6ª GIORNATA (A. 29/10 - R. 3/3) Academy Fiorente-Cassinone; Agnelli Olimpia Valverde; Alme Redona-Pontenossa; Malpensata-Comunale Campagnola; Ponte Nossa-Ranica; Oratorio Boccaleone-Sorisolese; Azzano San Paolo-Sporting Valtesse; River Negrone-Longuelo

GIRONE D

1ª GIORNATA (A. 24/9 - R. 28/1) Cassinone-Alme Redona; Pontenossa-Agnelli Olimpia; Valverde-Ponte Nossa; Ranica-Malpensata; Comunale Campagnola-Oratorio Boccaleone; Sorisolese-Azzano San Paolo; Sporting Valtesse-River Negrone; Longuelo-Academy Fiorente

2ª GIORNATA (A. 1/10 - R. 4/2) Agnelli Olimpia-Cassinone; Alme Redona-Valverde; Ponte Nossa-Pontenossa; Malpensata-Comunale Campagnola; Oratorio Boccaleone-Ranica; Azzano San Paolo-Longuelo; River Negrone-Sorisolese; Academy Fiorente-Sporting Valtesse

3ª GIORNATA (A. 8/10 - R. 11/2) Cassinone-Ponte Nossa; Valverde-Agnelli Olimpia; Pontenossa-Malpensata; Ranica-Azzano San Paolo; Comunale Campagnola-River Negrone; Sorisolese-Academy Fiorente; Sporting Valtesse-Alme Redona; Longuelo-Oratorio Boccaleone
